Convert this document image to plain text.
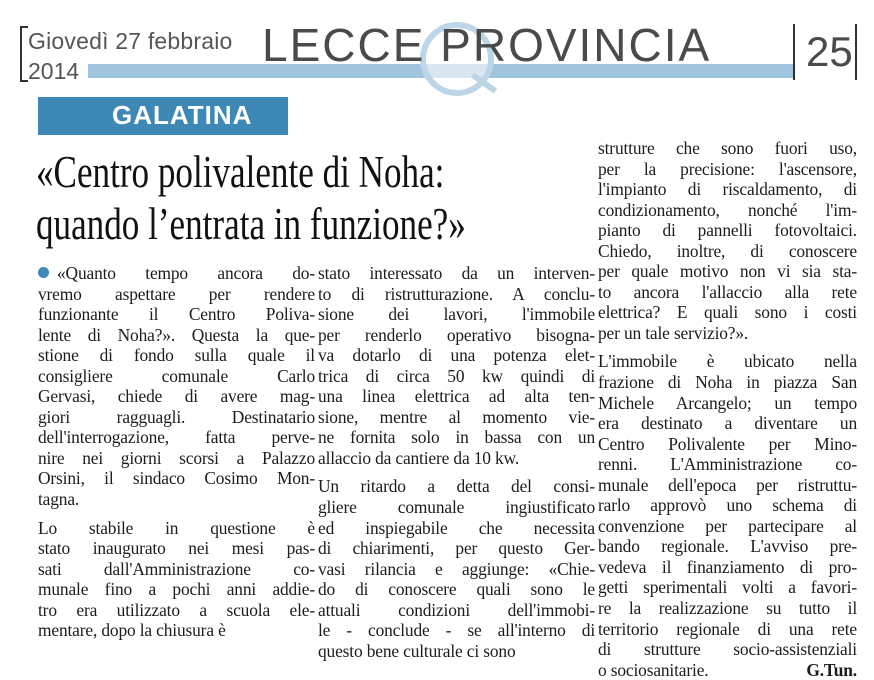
Giovedì 27 febbraio
2014	LECCE PROVINCIA 25
GALATINA
«Centro polivalente di Noha:
quando l’entrata in funzione?»
«Quanto tempo ancora do-
vremo aspettare per rendere
funzionante il Centro Poliva-
lente di Noha?». Questa la que-
stione di fondo sulla quale il
consigliere comunale Carlo
Gervasi, chiede di avere mag-
giori ragguagli. Destinatario
dell'interrogazione, fatta perve-
nire nei giorni scorsi a Palazzo
Orsini, il sindaco Cosimo Mon-
tagna.
Lo stabile in questione è
stato inaugurato nei mesi pas-
sati dall'Amministrazione co-
munale fino a pochi anni addie-
tro era utilizzato a scuola ele-
mentare, dopo la chiusura è
stato interessato da un interven-
to di ristrutturazione. A conclu-
sione dei lavori, l'immobile
per renderlo operativo bisogna-
va dotarlo di una potenza elet-
trica di circa 50 kw quindi di
una linea elettrica ad alta ten-
sione, mentre al momento vie-
ne fornita solo in bassa con un
allaccio da cantiere da 10 kw.
Un ritardo a detta del consi-
gliere comunale ingiustificato
ed inspiegabile che necessita
di chiarimenti, per questo Ger-
vasi rilancia e aggiunge: «Chie-
do di conoscere quali sono le
attuali condizioni dell'immobi-
le - conclude - se all'interno di
questo bene culturale ci sono
strutture che sono fuori uso,
per la precisione: l'ascensore,
l'impianto di riscaldamento, di
condizionamento, nonché l'im-
pianto di pannelli fotovoltaici.
Chiedo, inoltre, di conoscere
per quale motivo non vi sia sta-
to ancora l'allaccio alla rete
elettrica? E quali sono i costi
per un tale servizio?».
L'immobile è ubicato nella
frazione di Noha in piazza San
Michele Arcangelo; un tempo
era destinato a diventare un
Centro Polivalente per Mino-
renni. L'Amministrazione co-
munale dell'epoca per ristruttu-
rarlo approvò uno schema di
convenzione per partecipare al
bando regionale. L'avviso pre-
vedeva il finanziamento di pro-
getti sperimentali volti a favori-
re la realizzazione su tutto il
territorio regionale di una rete
di strutture socio-assistenziali
o sociosanitarie.	G.Tun.
